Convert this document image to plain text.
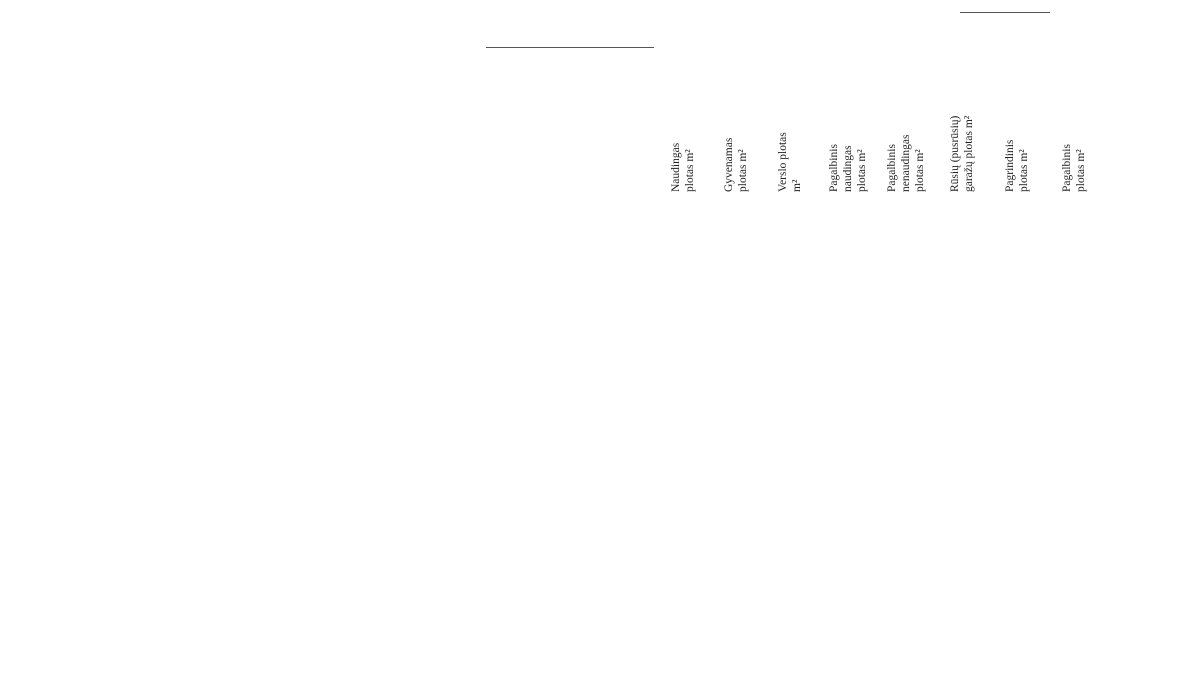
Naudingas plotas m² Gyvenamas plotas m² Verslo plotas m² Pagalbinis naudingas plotas m² Pagalbinis nenaudingas plotas m² Rūsių (pusrūsių) garažų plotas m²	Pagrindinis plotas m²	Pagalbinis plotas m²
